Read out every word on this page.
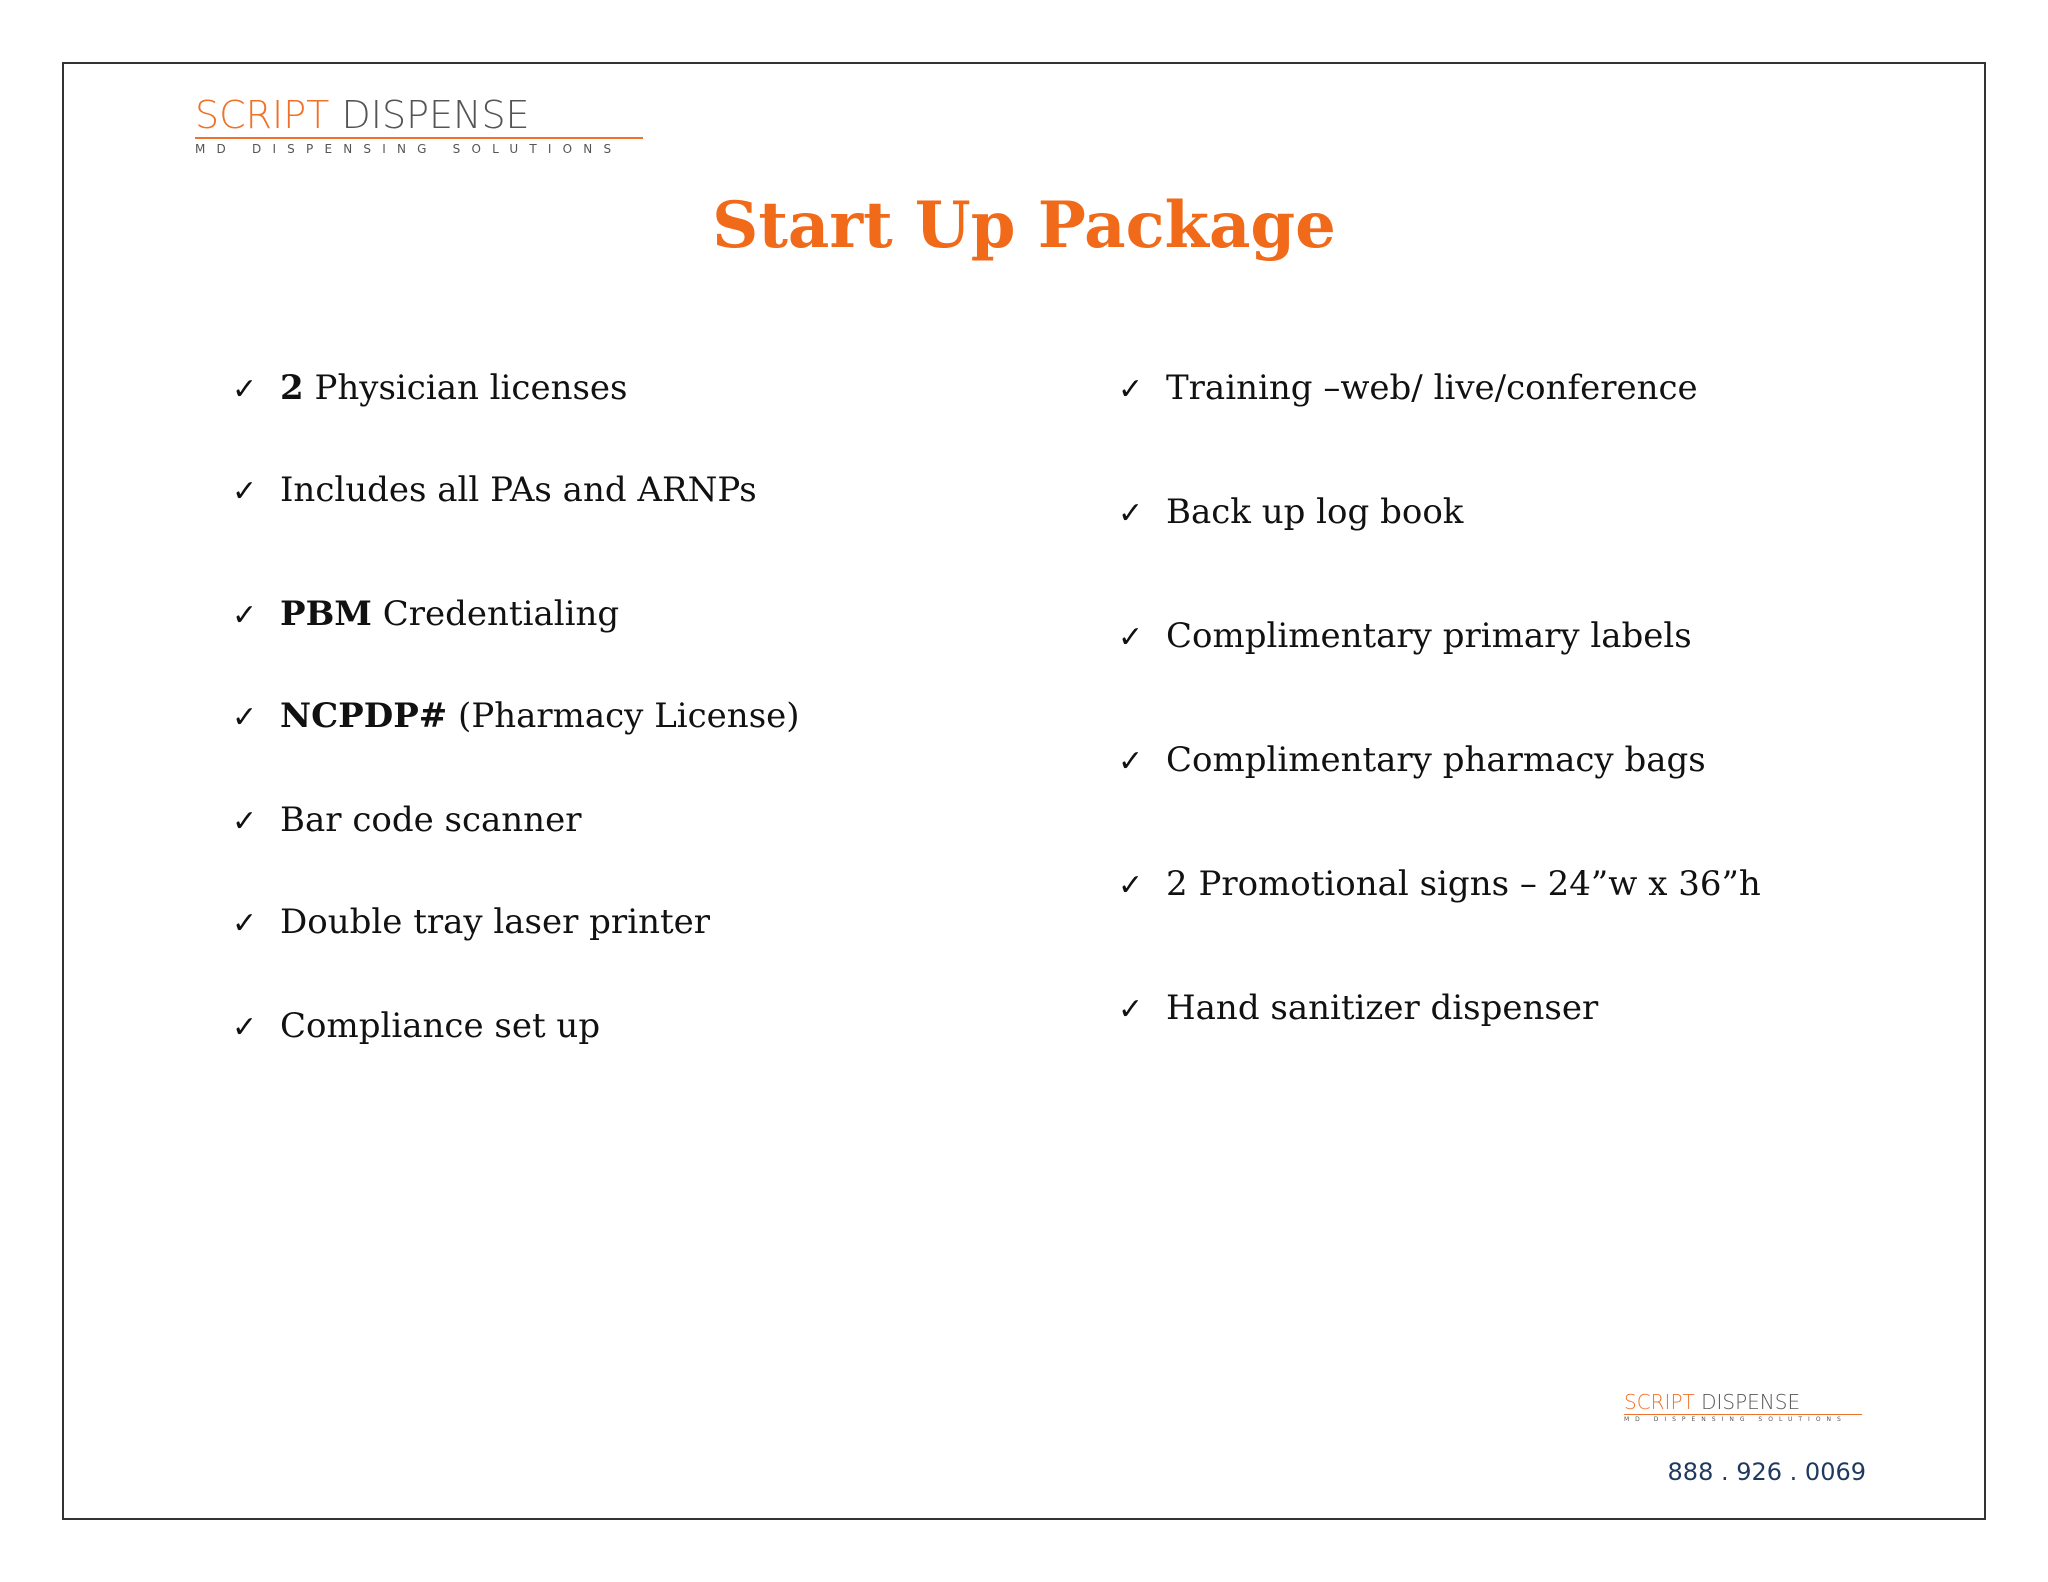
SCRIPT DISPENSE
MD DISPENSING SOLUTIONS
Start Up Package
✓ 2 Physician licenses
✓ Includes all PAs and ARNPs
✓ PBM Credentialing
✓ NCPDP# (Pharmacy License)
✓ Bar code scanner
✓ Double tray laser printer
✓ Compliance set up
✓ Training –web/ live/conference
✓ Back up log book
✓ Complimentary primary labels
✓ Complimentary pharmacy bags
✓ 2 Promotional signs – 24”w x 36”h
✓ Hand sanitizer dispenser
SCRIPT DISPENSE
MD DISPENSING SOLUTIONS
888 . 926 . 0069
